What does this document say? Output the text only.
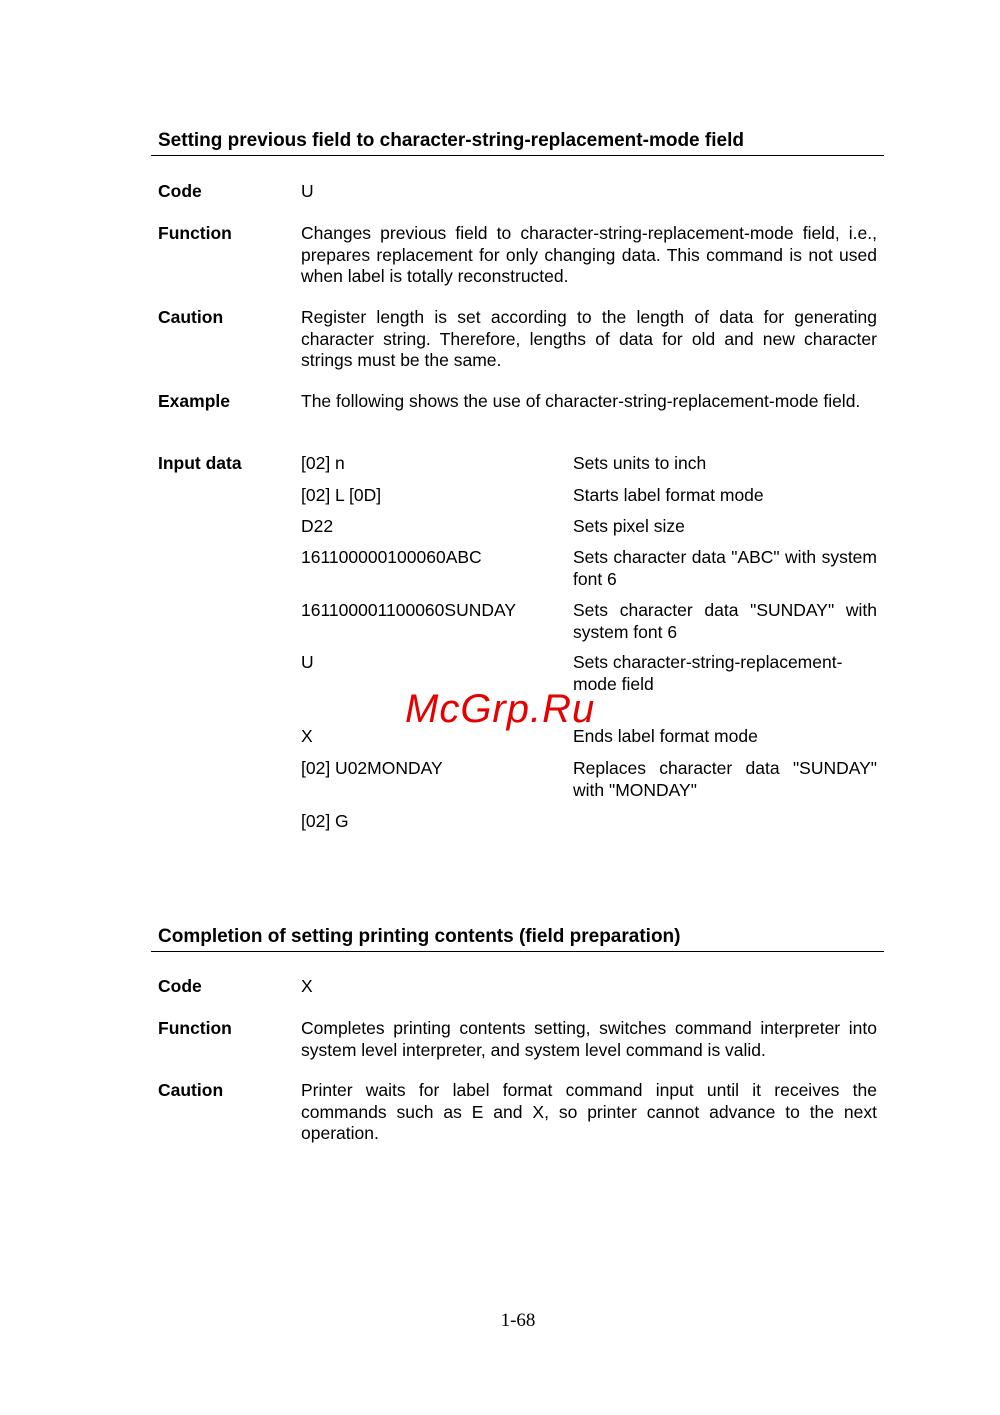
Setting previous field to character-string-replacement-mode field
Code	U
Function	Changes previous field to character-string-replacement-mode field, i.e., prepares replacement for only changing data. This command is not used when label is totally reconstructed.
Caution	Register length is set according to the length of data for generating character string. Therefore, lengths of data for old and new character strings must be the same.
Example	The following shows the use of character-string-replacement-mode field.
Input data	[02] n	Sets units to inch
[02] L [0D]	Starts label format mode
D22	Sets pixel size
161100000100060ABC	Sets character data "ABC" with system font 6
161100001100060SUNDAY	Sets character data "SUNDAY" with system font 6
U	Sets character-string-replacement-mode field
X	Ends label format mode
[02] U02MONDAY	Replaces character data "SUNDAY" with "MONDAY"
[02] G
McGrp.Ru
Completion of setting printing contents (field preparation)
Code	X
Function	Completes printing contents setting, switches command interpreter into system level interpreter, and system level command is valid.
Caution	Printer waits for label format command input until it receives the commands such as E and X, so printer cannot advance to the next operation.
1-68
